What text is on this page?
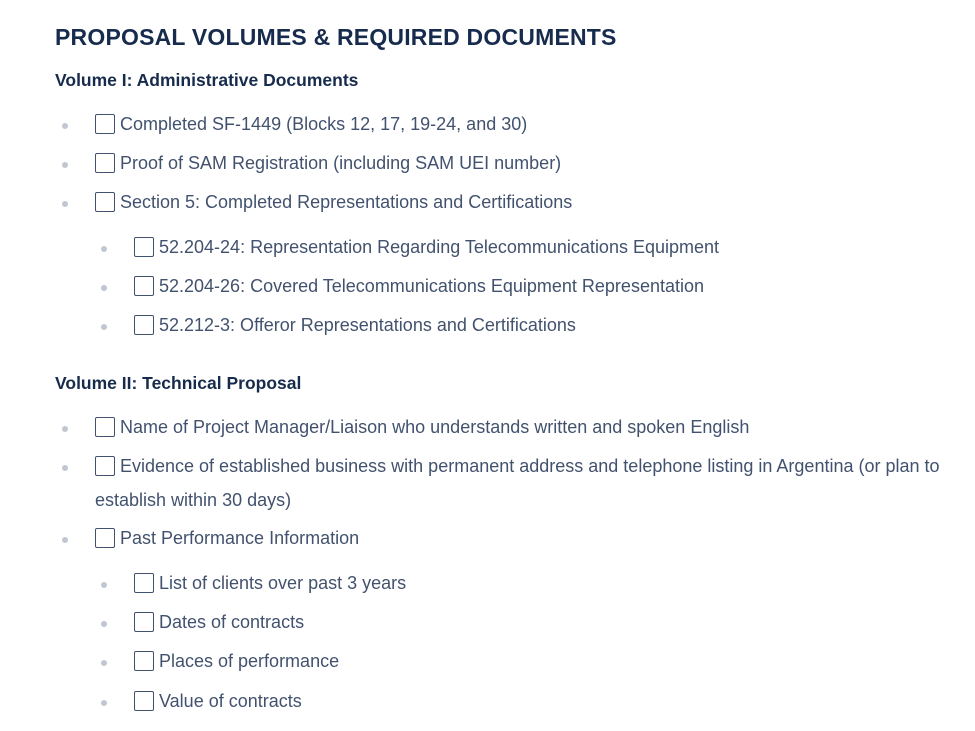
PROPOSAL VOLUMES & REQUIRED DOCUMENTS
Volume I: Administrative Documents
Completed SF-1449 (Blocks 12, 17, 19-24, and 30)
Proof of SAM Registration (including SAM UEI number)
Section 5: Completed Representations and Certifications
52.204-24: Representation Regarding Telecommunications Equipment
52.204-26: Covered Telecommunications Equipment Representation
52.212-3: Offeror Representations and Certifications
Volume II: Technical Proposal
Name of Project Manager/Liaison who understands written and spoken English
Evidence of established business with permanent address and telephone listing in Argentina (or plan to establish within 30 days)
Past Performance Information
List of clients over past 3 years
Dates of contracts
Places of performance
Value of contracts
